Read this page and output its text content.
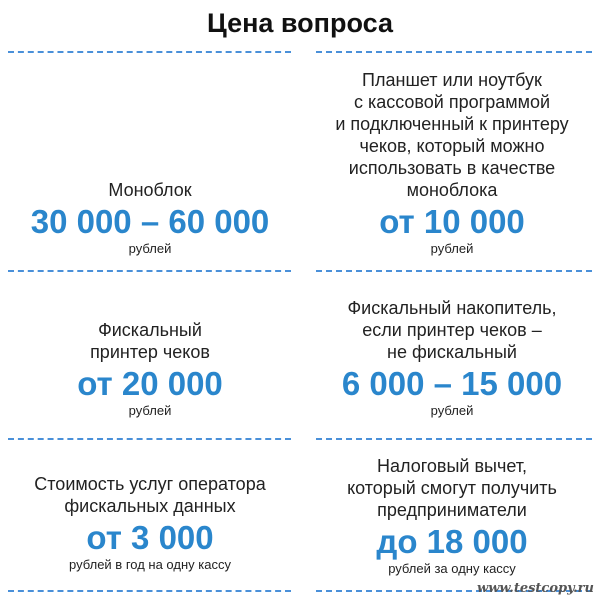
Цена вопроса
Моноблок
30 000 – 60 000
рублей
Планшет или ноутбук
с кассовой программой
и подключенный к принтеру
чеков, который можно
использовать в качестве
моноблока
от 10 000
рублей
Фискальный
принтер чеков
от 20 000
рублей
Фискальный накопитель,
если принтер чеков –
не фискальный
6 000 – 15 000
рублей
Стоимость услуг оператора
фискальных данных
от 3 000
рублей в год на одну кассу
Налоговый вычет,
который смогут получить
предприниматели
до 18 000
рублей за одну кассу
www.testcopy.ru
